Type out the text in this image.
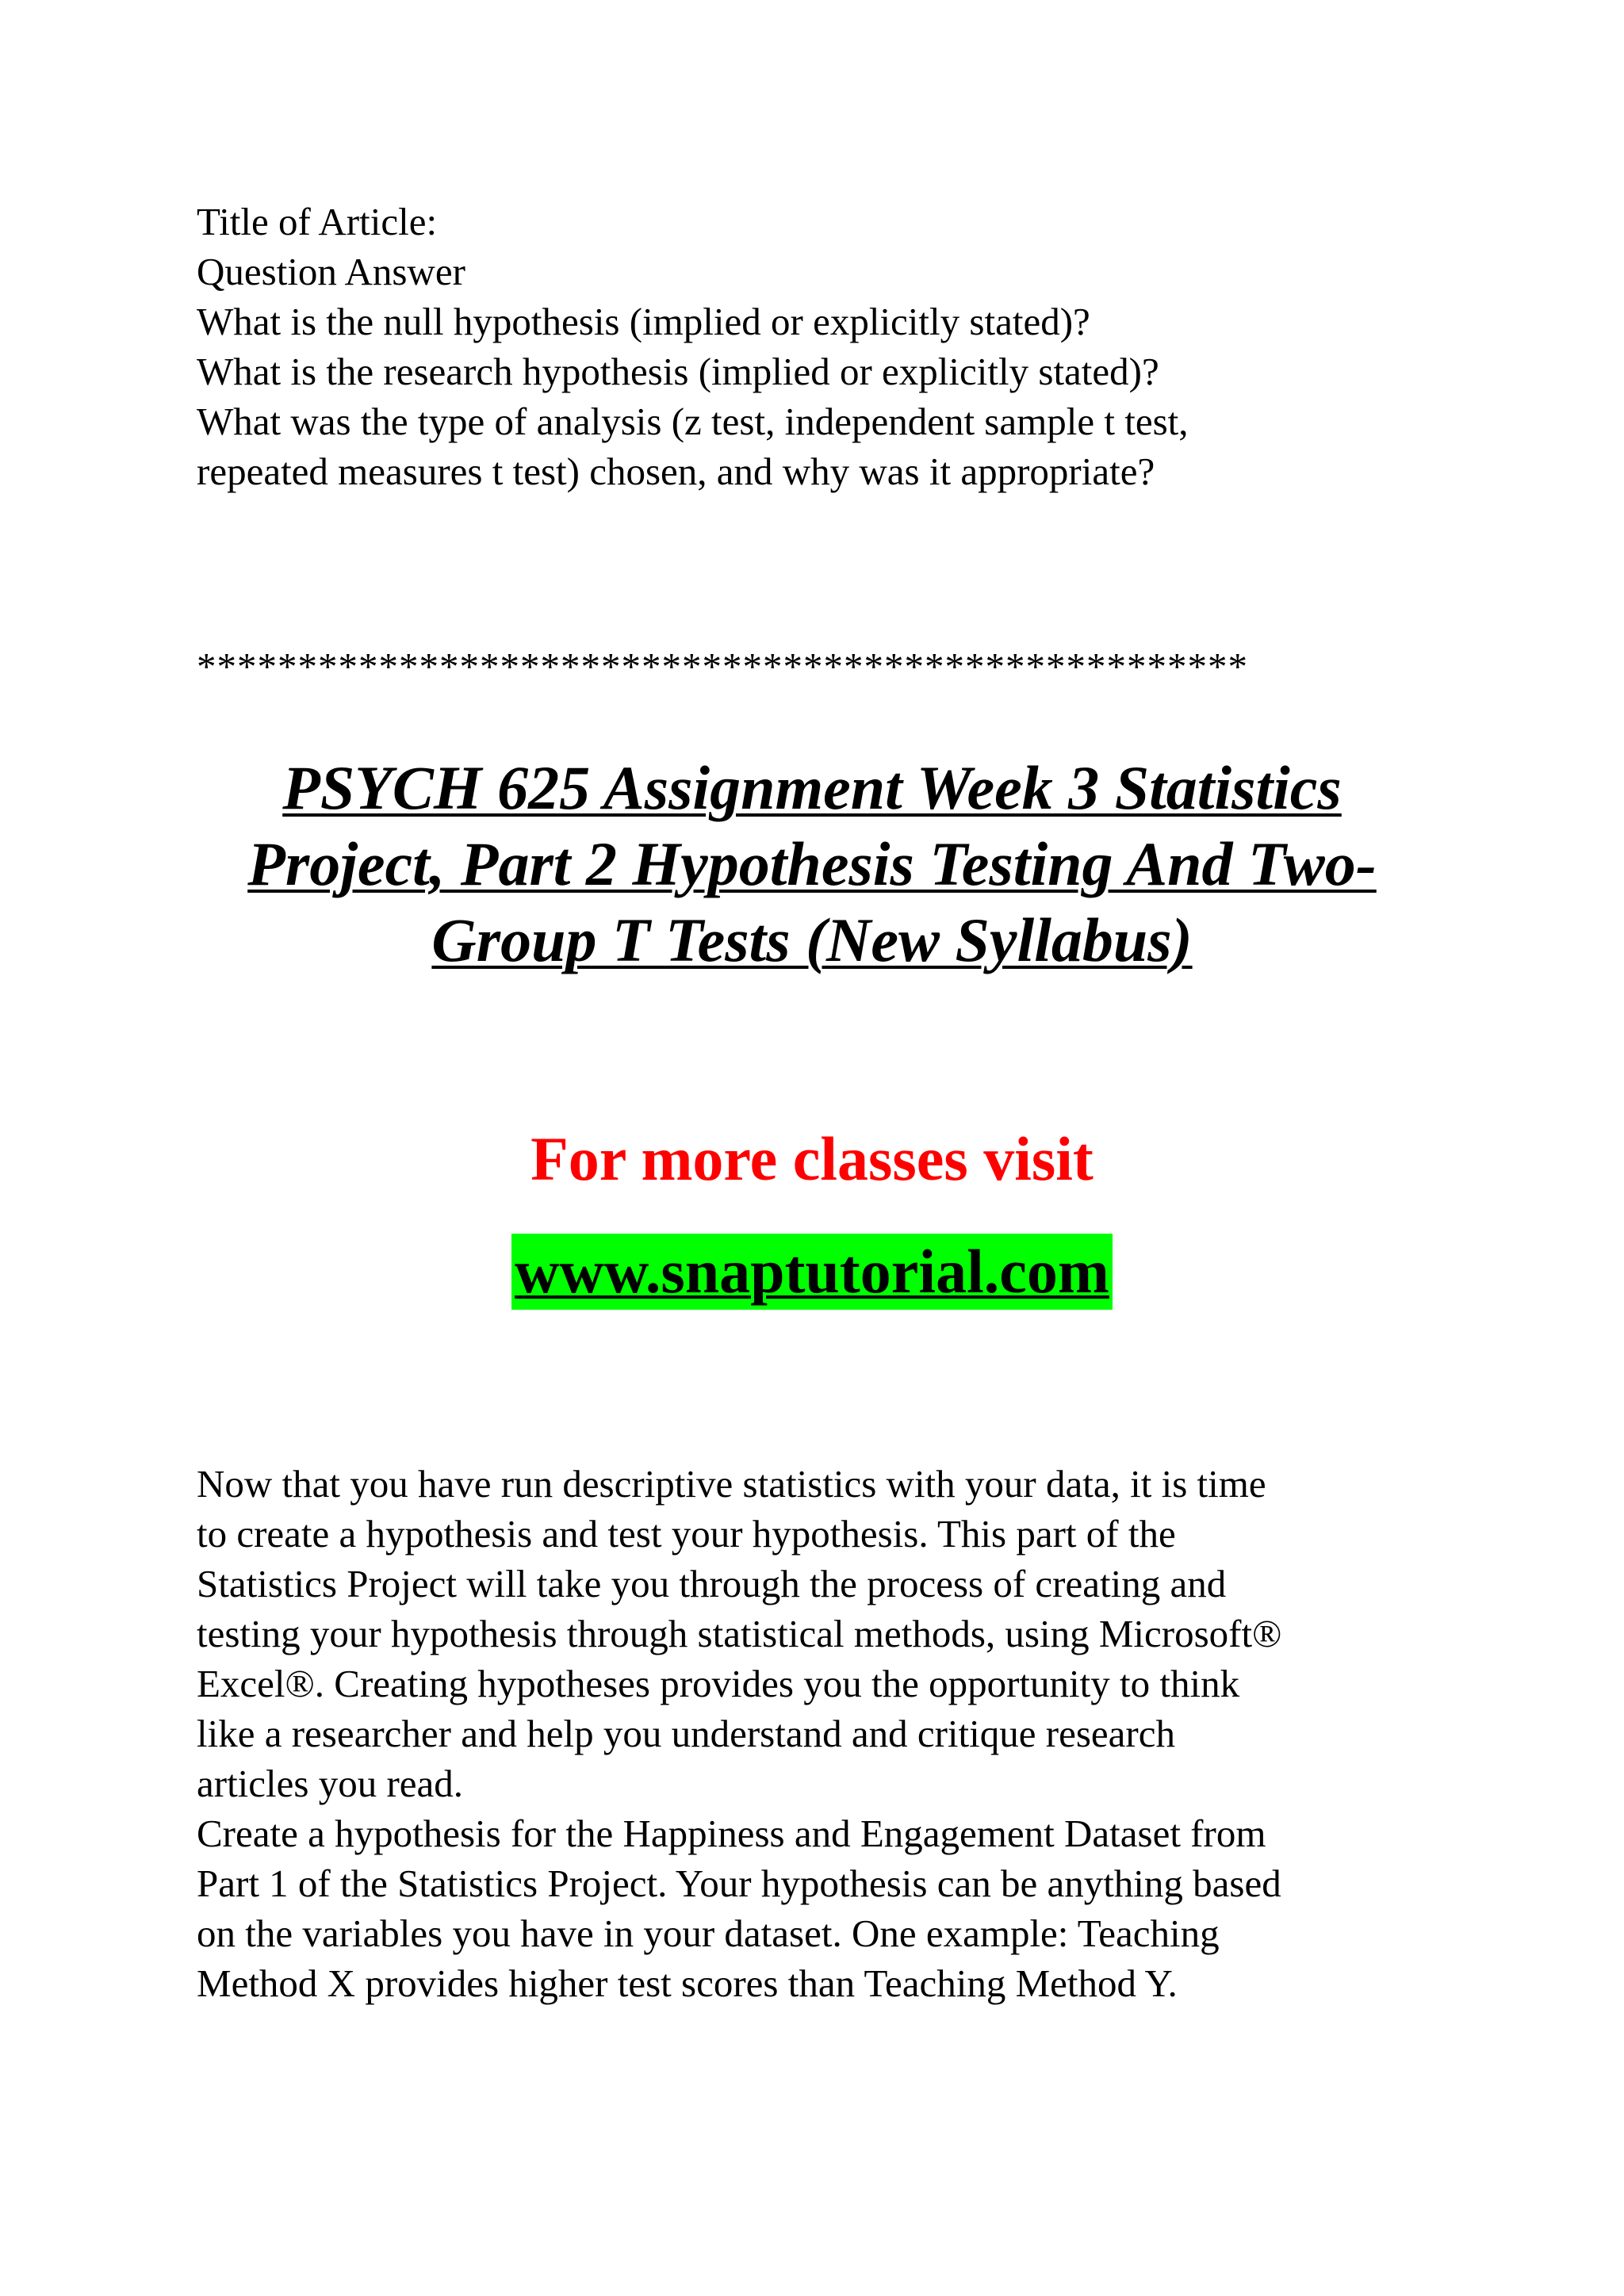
Title of Article:

Question Answer

What is the null hypothesis (implied or explicitly stated)?

What is the research hypothesis (implied or explicitly stated)?

What was the type of analysis (z test, independent sample t test,

repeated measures t test) chosen, and why was it appropriate?

****************************************************
PSYCH 625 Assignment Week 3 Statistics
Project, Part 2 Hypothesis Testing And Two-
Group T Tests (New Syllabus)

For more classes visit

www.snaptutorial.com

Now that you have run descriptive statistics with your data, it is time

to create a hypothesis and test your hypothesis. This part of the

Statistics Project will take you through the process of creating and

testing your hypothesis through statistical methods, using Microsoft®

Excel®. Creating hypotheses provides you the opportunity to think

like a researcher and help you understand and critique research

articles you read.

Create a hypothesis for the Happiness and Engagement Dataset from

Part 1 of the Statistics Project. Your hypothesis can be anything based

on the variables you have in your dataset. One example: Teaching

Method X provides higher test scores than Teaching Method Y.
